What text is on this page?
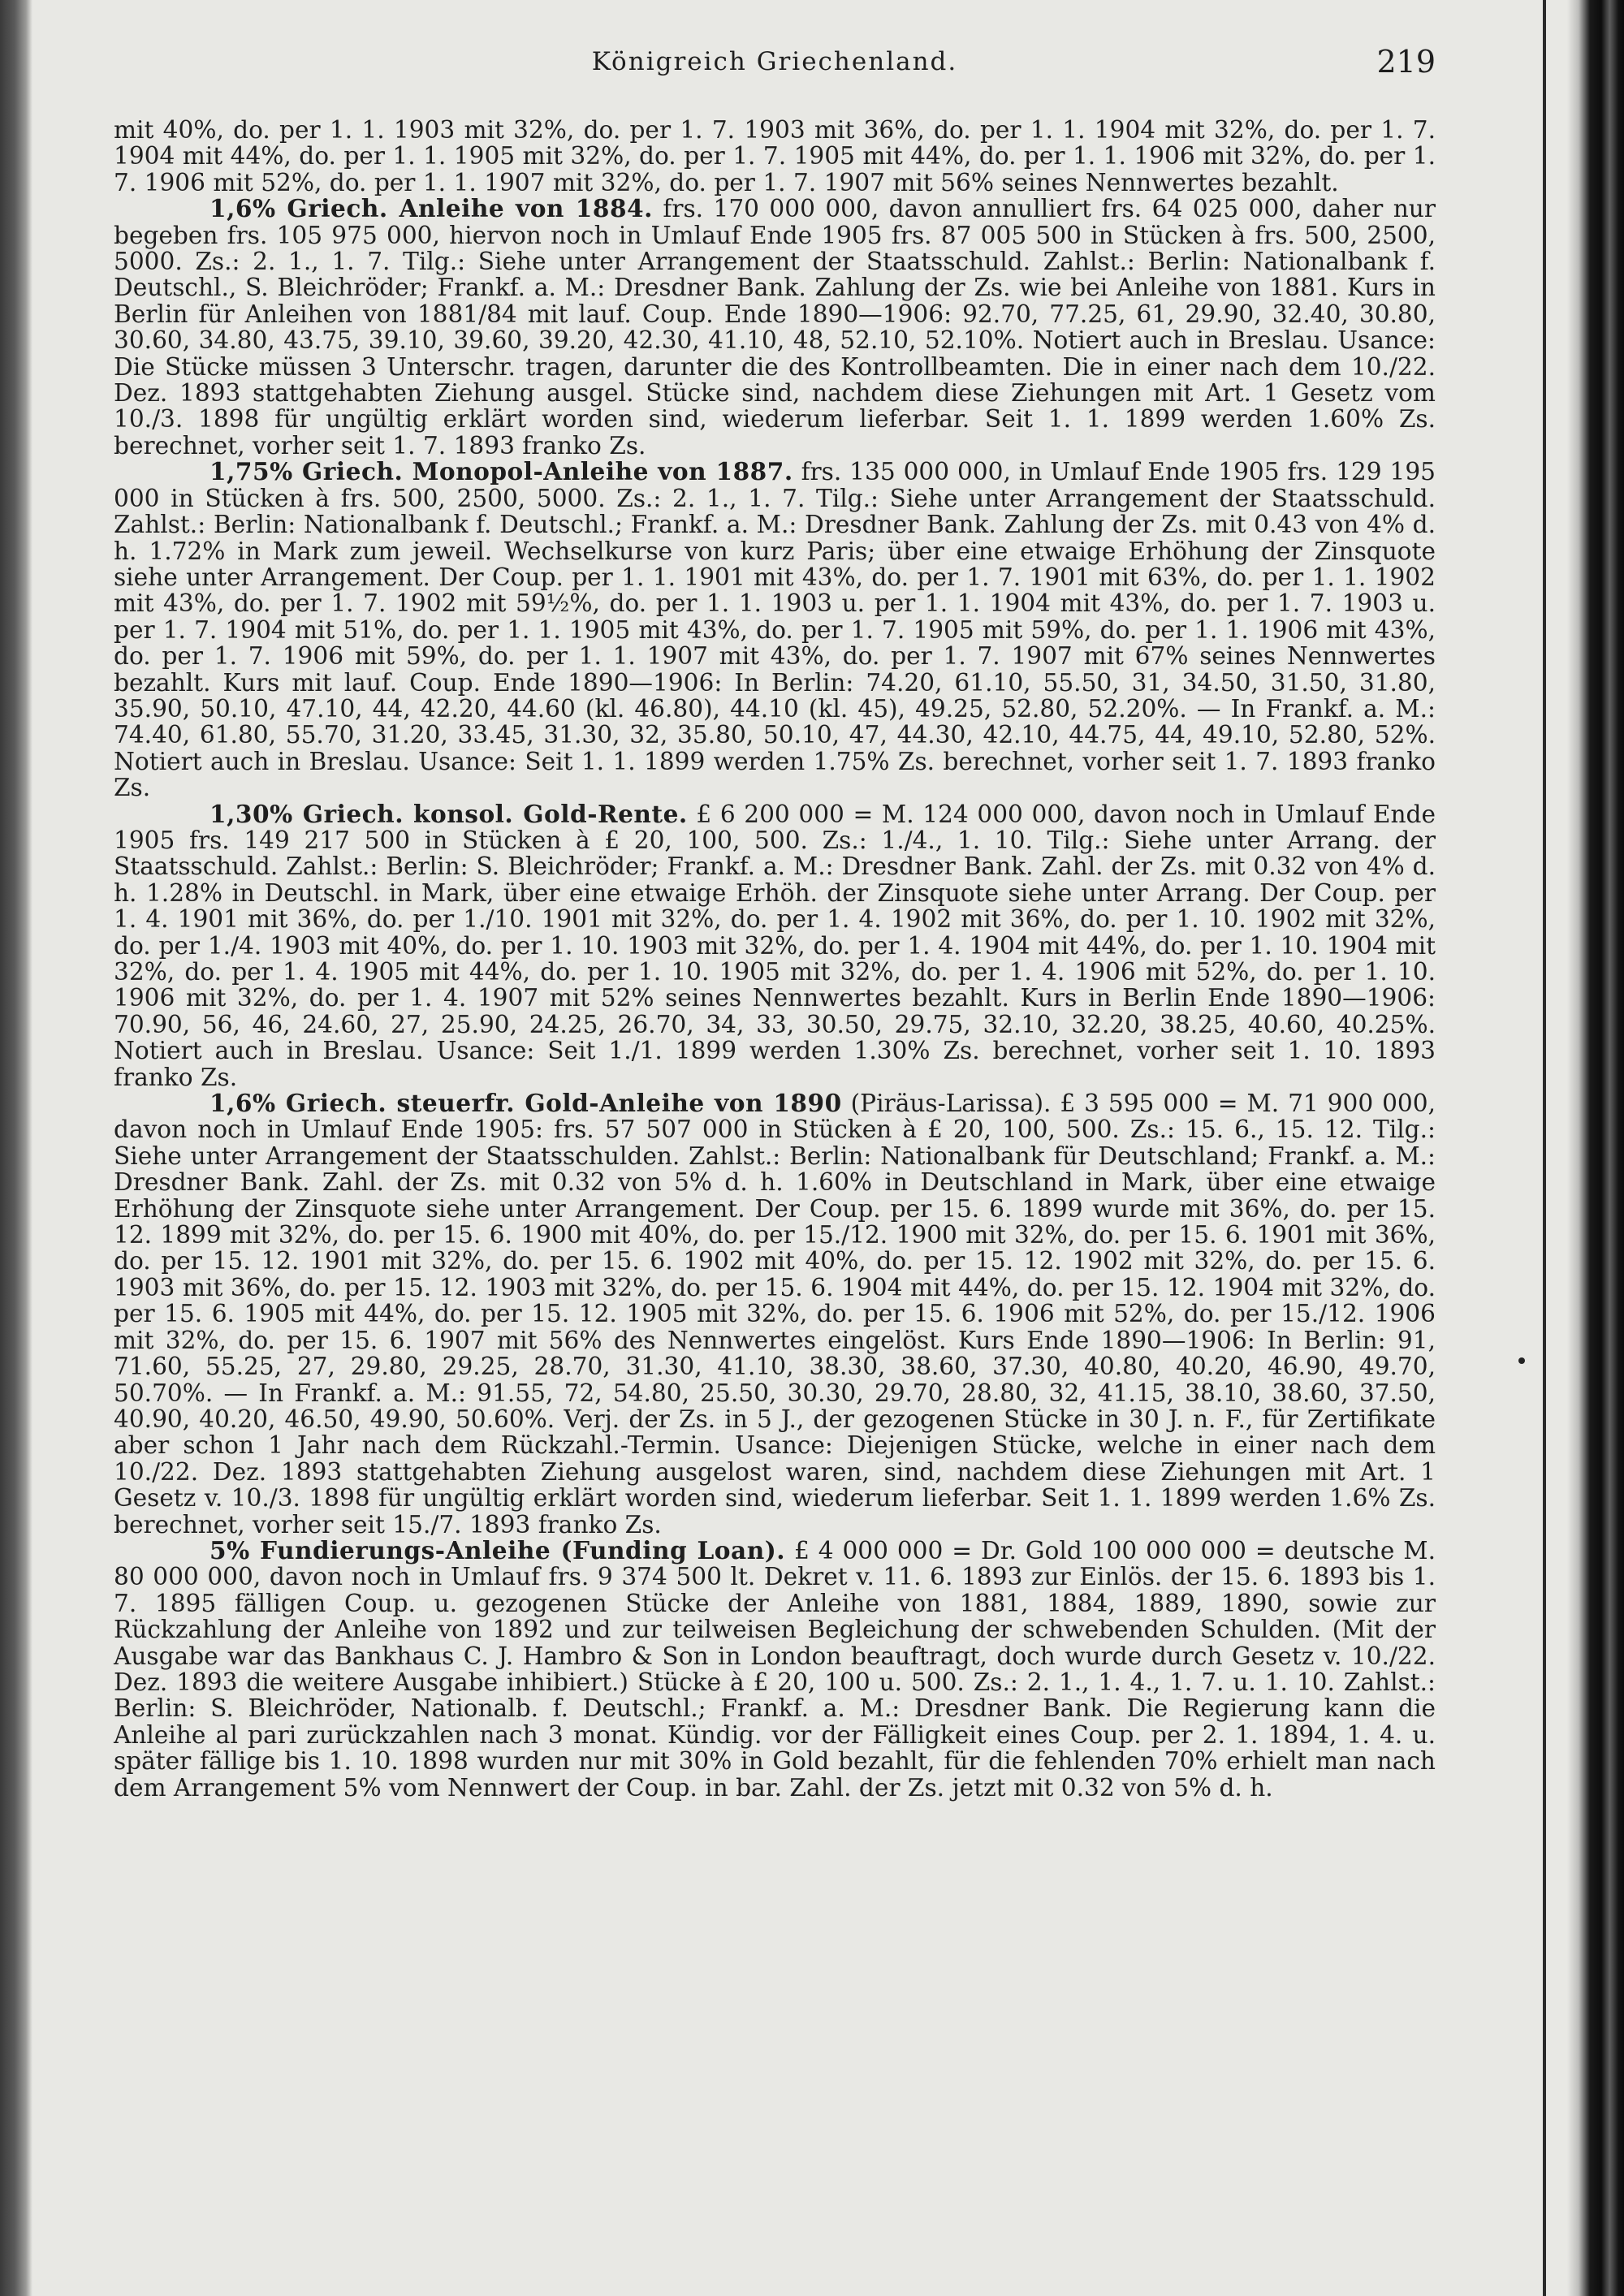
Königreich Griechenland.	219

mit 40%, do. per 1. 1. 1903 mit 32%, do. per 1. 7. 1903 mit 36%, do. per 1. 1. 1904 mit 32%, do. per 1. 7. 1904 mit 44%, do. per 1. 1. 1905 mit 32%, do. per 1. 7. 1905 mit 44%, do. per 1. 1. 1906 mit 32%, do. per 1. 7. 1906 mit 52%, do. per 1. 1. 1907 mit 32%, do. per 1. 7. 1907 mit 56% seines Nennwertes bezahlt.

1,6% Griech. Anleihe von 1884. frs. 170 000 000, davon annulliert frs. 64 025 000, daher nur begeben frs. 105 975 000, hiervon noch in Umlauf Ende 1905 frs. 87 005 500 in Stücken à frs. 500, 2500, 5000. Zs.: 2. 1., 1. 7. Tilg.: Siehe unter Arrangement der Staatsschuld. Zahlst.: Berlin: Nationalbank f. Deutschl., S. Bleichröder; Frankf. a. M.: Dresdner Bank. Zahlung der Zs. wie bei Anleihe von 1881. Kurs in Berlin für Anleihen von 1881/84 mit lauf. Coup. Ende 1890—1906: 92.70, 77.25, 61, 29.90, 32.40, 30.80, 30.60, 34.80, 43.75, 39.10, 39.60, 39.20, 42.30, 41.10, 48, 52.10, 52.10%. Notiert auch in Breslau. Usance: Die Stücke müssen 3 Unterschr. tragen, darunter die des Kontrollbeamten. Die in einer nach dem 10./22. Dez. 1893 stattgehabten Ziehung ausgel. Stücke sind, nachdem diese Ziehungen mit Art. 1 Gesetz vom 10./3. 1898 für ungültig erklärt worden sind, wiederum lieferbar. Seit 1. 1. 1899 werden 1.60% Zs. berechnet, vorher seit 1. 7. 1893 franko Zs.

1,75% Griech. Monopol-Anleihe von 1887. frs. 135 000 000, in Umlauf Ende 1905 frs. 129 195 000 in Stücken à frs. 500, 2500, 5000. Zs.: 2. 1., 1. 7. Tilg.: Siehe unter Arrangement der Staatsschuld. Zahlst.: Berlin: Nationalbank f. Deutschl.; Frankf. a. M.: Dresdner Bank. Zahlung der Zs. mit 0.43 von 4% d. h. 1.72% in Mark zum jeweil. Wechselkurse von kurz Paris; über eine etwaige Erhöhung der Zinsquote siehe unter Arrangement. Der Coup. per 1. 1. 1901 mit 43%, do. per 1. 7. 1901 mit 63%, do. per 1. 1. 1902 mit 43%, do. per 1. 7. 1902 mit 59½%, do. per 1. 1. 1903 u. per 1. 1. 1904 mit 43%, do. per 1. 7. 1903 u. per 1. 7. 1904 mit 51%, do. per 1. 1. 1905 mit 43%, do. per 1. 7. 1905 mit 59%, do. per 1. 1. 1906 mit 43%, do. per 1. 7. 1906 mit 59%, do. per 1. 1. 1907 mit 43%, do. per 1. 7. 1907 mit 67% seines Nennwertes bezahlt. Kurs mit lauf. Coup. Ende 1890—1906: In Berlin: 74.20, 61.10, 55.50, 31, 34.50, 31.50, 31.80, 35.90, 50.10, 47.10, 44, 42.20, 44.60 (kl. 46.80), 44.10 (kl. 45), 49.25, 52.80, 52.20%. — In Frankf. a. M.: 74.40, 61.80, 55.70, 31.20, 33.45, 31.30, 32, 35.80, 50.10, 47, 44.30, 42.10, 44.75, 44, 49.10, 52.80, 52%. Notiert auch in Breslau. Usance: Seit 1. 1. 1899 werden 1.75% Zs. berechnet, vorher seit 1. 7. 1893 franko Zs.

1,30% Griech. konsol. Gold-Rente. £ 6 200 000 = M. 124 000 000, davon noch in Umlauf Ende 1905 frs. 149 217 500 in Stücken à £ 20, 100, 500. Zs.: 1./4., 1. 10. Tilg.: Siehe unter Arrang. der Staatsschuld. Zahlst.: Berlin: S. Bleichröder; Frankf. a. M.: Dresdner Bank. Zahl. der Zs. mit 0.32 von 4% d. h. 1.28% in Deutschl. in Mark, über eine etwaige Erhöh. der Zinsquote siehe unter Arrang. Der Coup. per 1. 4. 1901 mit 36%, do. per 1./10. 1901 mit 32%, do. per 1. 4. 1902 mit 36%, do. per 1. 10. 1902 mit 32%, do. per 1./4. 1903 mit 40%, do. per 1. 10. 1903 mit 32%, do. per 1. 4. 1904 mit 44%, do. per 1. 10. 1904 mit 32%, do. per 1. 4. 1905 mit 44%, do. per 1. 10. 1905 mit 32%, do. per 1. 4. 1906 mit 52%, do. per 1. 10. 1906 mit 32%, do. per 1. 4. 1907 mit 52% seines Nennwertes bezahlt. Kurs in Berlin Ende 1890—1906: 70.90, 56, 46, 24.60, 27, 25.90, 24.25, 26.70, 34, 33, 30.50, 29.75, 32.10, 32.20, 38.25, 40.60, 40.25%. Notiert auch in Breslau. Usance: Seit 1./1. 1899 werden 1.30% Zs. berechnet, vorher seit 1. 10. 1893 franko Zs.

1,6% Griech. steuerfr. Gold-Anleihe von 1890 (Piräus-Larissa). £ 3 595 000 = M. 71 900 000, davon noch in Umlauf Ende 1905: frs. 57 507 000 in Stücken à £ 20, 100, 500. Zs.: 15. 6., 15. 12. Tilg.: Siehe unter Arrangement der Staatsschulden. Zahlst.: Berlin: Nationalbank für Deutschland; Frankf. a. M.: Dresdner Bank. Zahl. der Zs. mit 0.32 von 5% d. h. 1.60% in Deutschland in Mark, über eine etwaige Erhöhung der Zinsquote siehe unter Arrangement. Der Coup. per 15. 6. 1899 wurde mit 36%, do. per 15. 12. 1899 mit 32%, do. per 15. 6. 1900 mit 40%, do. per 15./12. 1900 mit 32%, do. per 15. 6. 1901 mit 36%, do. per 15. 12. 1901 mit 32%, do. per 15. 6. 1902 mit 40%, do. per 15. 12. 1902 mit 32%, do. per 15. 6. 1903 mit 36%, do. per 15. 12. 1903 mit 32%, do. per 15. 6. 1904 mit 44%, do. per 15. 12. 1904 mit 32%, do. per 15. 6. 1905 mit 44%, do. per 15. 12. 1905 mit 32%, do. per 15. 6. 1906 mit 52%, do. per 15./12. 1906 mit 32%, do. per 15. 6. 1907 mit 56% des Nennwertes eingelöst. Kurs Ende 1890—1906: In Berlin: 91, 71.60, 55.25, 27, 29.80, 29.25, 28.70, 31.30, 41.10, 38.30, 38.60, 37.30, 40.80, 40.20, 46.90, 49.70, 50.70%. — In Frankf. a. M.: 91.55, 72, 54.80, 25.50, 30.30, 29.70, 28.80, 32, 41.15, 38.10, 38.60, 37.50, 40.90, 40.20, 46.50, 49.90, 50.60%. Verj. der Zs. in 5 J., der gezogenen Stücke in 30 J. n. F., für Zertifikate aber schon 1 Jahr nach dem Rückzahl.-Termin. Usance: Diejenigen Stücke, welche in einer nach dem 10./22. Dez. 1893 stattgehabten Ziehung ausgelost waren, sind, nachdem diese Ziehungen mit Art. 1 Gesetz v. 10./3. 1898 für ungültig erklärt worden sind, wiederum lieferbar. Seit 1. 1. 1899 werden 1.6% Zs. berechnet, vorher seit 15./7. 1893 franko Zs.

5% Fundierungs-Anleihe (Funding Loan). £ 4 000 000 = Dr. Gold 100 000 000 = deutsche M. 80 000 000, davon noch in Umlauf frs. 9 374 500 lt. Dekret v. 11. 6. 1893 zur Einlös. der 15. 6. 1893 bis 1. 7. 1895 fälligen Coup. u. gezogenen Stücke der Anleihe von 1881, 1884, 1889, 1890, sowie zur Rückzahlung der Anleihe von 1892 und zur teilweisen Begleichung der schwebenden Schulden. (Mit der Ausgabe war das Bankhaus C. J. Hambro & Son in London beauftragt, doch wurde durch Gesetz v. 10./22. Dez. 1893 die weitere Ausgabe inhibiert.) Stücke à £ 20, 100 u. 500. Zs.: 2. 1., 1. 4., 1. 7. u. 1. 10. Zahlst.: Berlin: S. Bleichröder, Nationalb. f. Deutschl.; Frankf. a. M.: Dresdner Bank. Die Regierung kann die Anleihe al pari zurückzahlen nach 3 monat. Kündig. vor der Fälligkeit eines Coup. per 2. 1. 1894, 1. 4. u. später fällige bis 1. 10. 1898 wurden nur mit 30% in Gold bezahlt, für die fehlenden 70% erhielt man nach dem Arrangement 5% vom Nennwert der Coup. in bar. Zahl. der Zs. jetzt mit 0.32 von 5% d. h.
